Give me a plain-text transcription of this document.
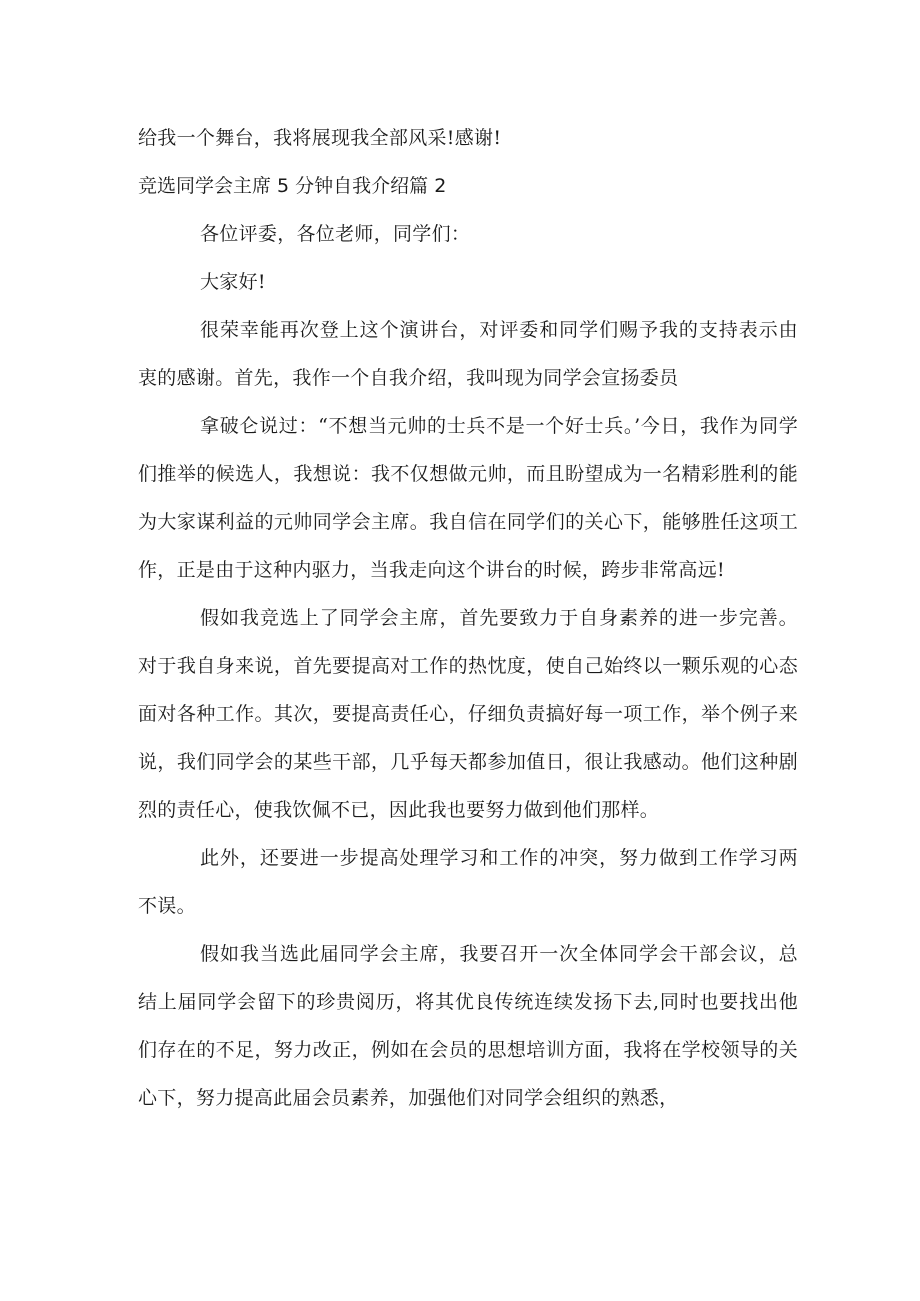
给我一个舞台，我将展现我全部风采!感谢!

竞选同学会主席 5 分钟自我介绍篇 2

各位评委，各位老师，同学们：

大家好!

很荣幸能再次登上这个演讲台，对评委和同学们赐予我的支持表示由衷的感谢。首先，我作一个自我介绍，我叫现为同学会宣扬委员

拿破仑说过：“不想当元帅的士兵不是一个好士兵。’今日，我作为同学们推举的候选人，我想说：我不仅想做元帅，而且盼望成为一名精彩胜利的能为大家谋利益的元帅同学会主席。我自信在同学们的关心下，能够胜任这项工作，正是由于这种内驱力，当我走向这个讲台的时候，跨步非常高远!

假如我竞选上了同学会主席，首先要致力于自身素养的进一步完善。对于我自身来说，首先要提高对工作的热忱度，使自己始终以一颗乐观的心态面对各种工作。其次，要提高责任心，仔细负责搞好每一项工作，举个例子来说，我们同学会的某些干部，几乎每天都参加值日，很让我感动。他们这种剧烈的责任心，使我饮佩不已，因此我也要努力做到他们那样。

此外，还要进一步提高处理学习和工作的冲突，努力做到工作学习两不误。

假如我当选此届同学会主席，我要召开一次全体同学会干部会议，总结上届同学会留下的珍贵阅历，将其优良传统连续发扬下去,同时也要找出他们存在的不足，努力改正，例如在会员的思想培训方面，我将在学校领导的关心下，努力提高此届会员素养，加强他们对同学会组织的熟悉，
